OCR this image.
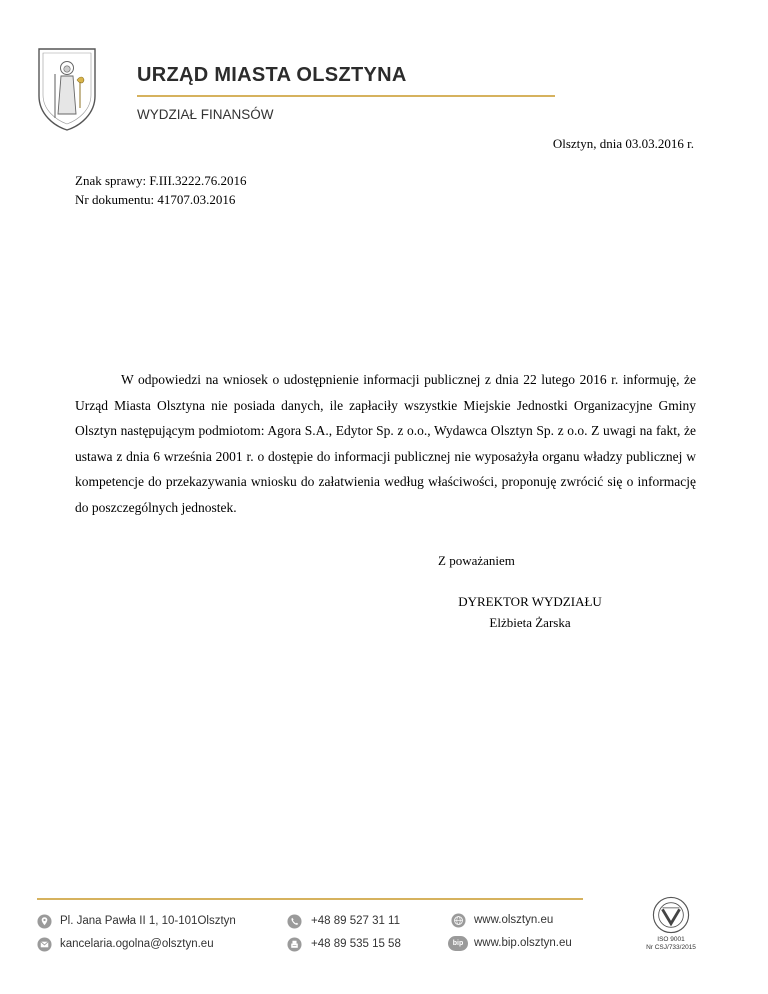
URZĄD MIASTA OLSZTYNA
WYDZIAŁ FINANSÓW
Olsztyn, dnia 03.03.2016 r.
Znak sprawy: F.III.3222.76.2016
Nr dokumentu: 41707.03.2016

W odpowiedzi na wniosek o udostępnienie informacji publicznej z dnia 22 lutego 2016 r. informuję, że Urząd Miasta Olsztyna nie posiada danych, ile zapłaciły wszystkie Miejskie Jednostki Organizacyjne Gminy Olsztyn następującym podmiotom: Agora S.A., Edytor Sp. z o.o., Wydawca Olsztyn Sp. z o.o. Z uwagi na fakt, że ustawa z dnia 6 września 2001 r. o dostępie do informacji publicznej nie wyposażyła organu władzy publicznej w kompetencje do przekazywania wniosku do załatwienia według właściwości, proponuję zwrócić się o informację do poszczególnych jednostek.

Z poważaniem
DYREKTOR WYDZIAŁU
Elżbieta Żarska
Pl. Jana Pawła II 1, 10-101Olsztyn
kancelaria.ogolna@olsztyn.eu
+48 89 527 31 11
+48 89 535 15 58
www.olsztyn.eu
bip www.bip.olsztyn.eu	ISO 9001
Nr CSJ/733/2015
